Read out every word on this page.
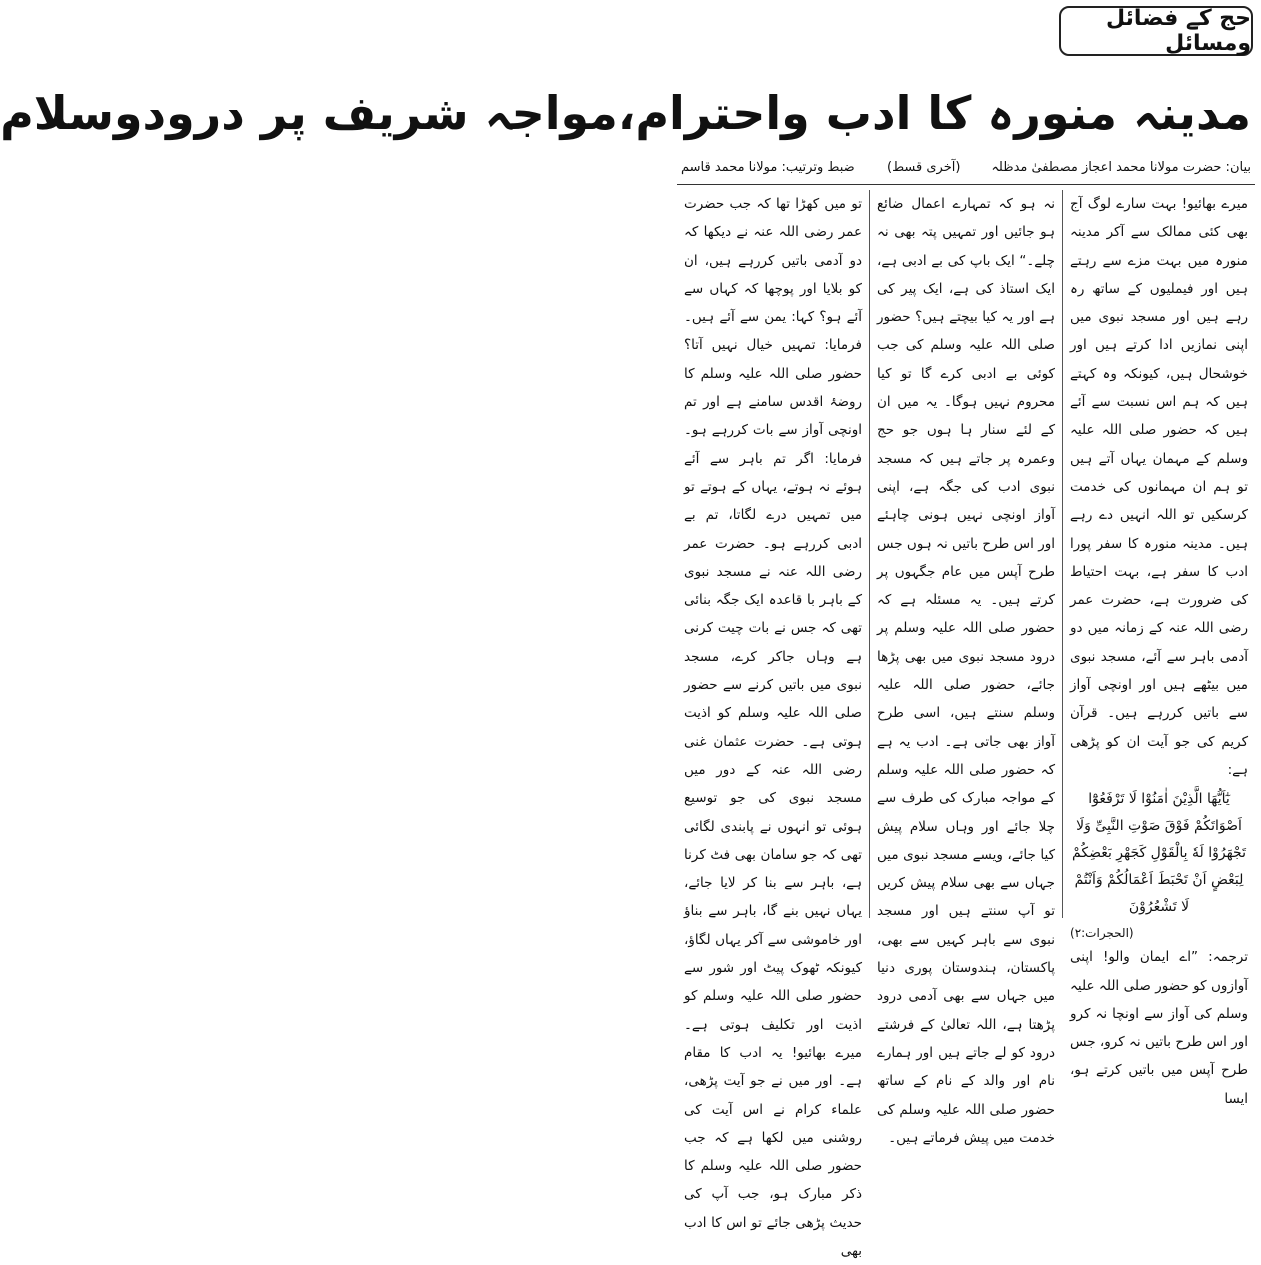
حج کے فضائل ومسائل
مدینہ منورہ کا ادب واحترام،مواجہ شریف پر درودوسلام
بیان: حضرت مولانا محمد اعجاز مصطفیٰ مدظلہ
(آخری قسط)
ضبط وترتیب: مولانا محمد قاسم

میرے بھائیو! بہت سارے لوگ آج بھی کئی ممالک سے آکر مدینہ منورہ میں بہت مزے سے رہتے ہیں اور فیملیوں کے ساتھ رہ رہے ہیں اور مسجد نبوی میں اپنی نمازیں ادا کرتے ہیں اور خوشحال ہیں، کیونکہ وہ کہتے ہیں کہ ہم اس نسبت سے آئے ہیں کہ حضور صلی اللہ علیہ وسلم کے مہمان یہاں آتے ہیں تو ہم ان مہمانوں کی خدمت کرسکیں تو اللہ انہیں دے رہے ہیں۔ مدینہ منورہ کا سفر پورا ادب کا سفر ہے، بہت احتیاط کی ضرورت ہے، حضرت عمر رضی اللہ عنہ کے زمانہ میں دو آدمی باہر سے آئے، مسجد نبوی میں بیٹھے ہیں اور اونچی آواز سے باتیں کررہے ہیں۔ قرآن کریم کی جو آیت ان کو پڑھی ہے:

یٰٓاَیُّهَا الَّذِیْنَ اٰمَنُوْا لَا تَرْفَعُوْٓا اَصْوَاتَكُمْ فَوْقَ صَوْتِ النَّبِیِّ وَلَا تَجْهَرُوْا لَهٗ بِالْقَوْلِ كَجَهْرِ بَعْضِكُمْ لِبَعْضٍ اَنْ تَحْبَطَ اَعْمَالُكُمْ وَاَنْتُمْ لَا تَشْعُرُوْنَ
(الحجرات:۲)

ترجمہ: ”اے ایمان والو! اپنی آوازوں کو حضور صلی اللہ علیہ وسلم کی آواز سے اونچا نہ کرو اور اس طرح باتیں نہ کرو، جس طرح آپس میں باتیں کرتے ہو، ایسا

نہ ہو کہ تمہارے اعمال ضائع ہو جائیں اور تمہیں پتہ بھی نہ چلے۔“ ایک باپ کی بے ادبی ہے، ایک استاذ کی ہے، ایک پیر کی ہے اور یہ کیا بیچتے ہیں؟ حضور صلی اللہ علیہ وسلم کی جب کوئی بے ادبی کرے گا تو کیا محروم نہیں ہوگا۔ یہ میں ان کے لئے سنار ہا ہوں جو حج وعمرہ پر جاتے ہیں کہ مسجد نبوی ادب کی جگہ ہے، اپنی آواز اونچی نہیں ہونی چاہئے اور اس طرح باتیں نہ ہوں جس طرح آپس میں عام جگہوں پر کرتے ہیں۔ یہ مسئلہ ہے کہ حضور صلی اللہ علیہ وسلم پر درود مسجد نبوی میں بھی پڑھا جائے، حضور صلی اللہ علیہ وسلم سنتے ہیں، اسی طرح آواز بھی جاتی ہے۔ ادب یہ ہے کہ حضور صلی اللہ علیہ وسلم کے مواجہ مبارک کی طرف سے چلا جائے اور وہاں سلام پیش کیا جائے، ویسے مسجد نبوی میں جہاں سے بھی سلام پیش کریں تو آپ سنتے ہیں اور مسجد نبوی سے باہر کہیں سے بھی، پاکستان، ہندوستان پوری دنیا میں جہاں سے بھی آدمی درود پڑھتا ہے، اللہ تعالیٰ کے فرشتے درود کو لے جاتے ہیں اور ہمارے نام اور والد کے نام کے ساتھ حضور صلی اللہ علیہ وسلم کی خدمت میں پیش فرماتے ہیں۔

تو میں کھڑا تھا کہ جب حضرت عمر رضی اللہ عنہ نے دیکھا کہ دو آدمی باتیں کررہے ہیں، ان کو بلایا اور پوچھا کہ کہاں سے آئے ہو؟ کہا: یمن سے آئے ہیں۔ فرمایا: تمہیں خیال نہیں آتا؟ حضور صلی اللہ علیہ وسلم کا روضۂ اقدس سامنے ہے اور تم اونچی آواز سے بات کررہے ہو۔ فرمایا: اگر تم باہر سے آئے ہوئے نہ ہوتے، یہاں کے ہوتے تو میں تمہیں درے لگاتا، تم بے ادبی کررہے ہو۔ حضرت عمر رضی اللہ عنہ نے مسجد نبوی کے باہر با قاعدہ ایک جگہ بنائی تھی کہ جس نے بات چیت کرنی ہے وہاں جاکر کرے، مسجد نبوی میں باتیں کرنے سے حضور صلی اللہ علیہ وسلم کو اذیت ہوتی ہے۔ حضرت عثمان غنی رضی اللہ عنہ کے دور میں مسجد نبوی کی جو توسیع ہوئی تو انہوں نے پابندی لگائی تھی کہ جو سامان بھی فٹ کرنا ہے، باہر سے بنا کر لایا جائے، یہاں نہیں بنے گا، باہر سے بناؤ اور خاموشی سے آکر یہاں لگاؤ، کیونکہ ٹھوک پیٹ اور شور سے حضور صلی اللہ علیہ وسلم کو اذیت اور تکلیف ہوتی ہے۔ میرے بھائیو! یہ ادب کا مقام ہے۔ اور میں نے جو آیت پڑھی، علماء کرام نے اس آیت کی روشنی میں لکھا ہے کہ جب حضور صلی اللہ علیہ وسلم کا ذکر مبارک ہو، جب آپ کی حدیث پڑھی جائے تو اس کا ادب بھی
